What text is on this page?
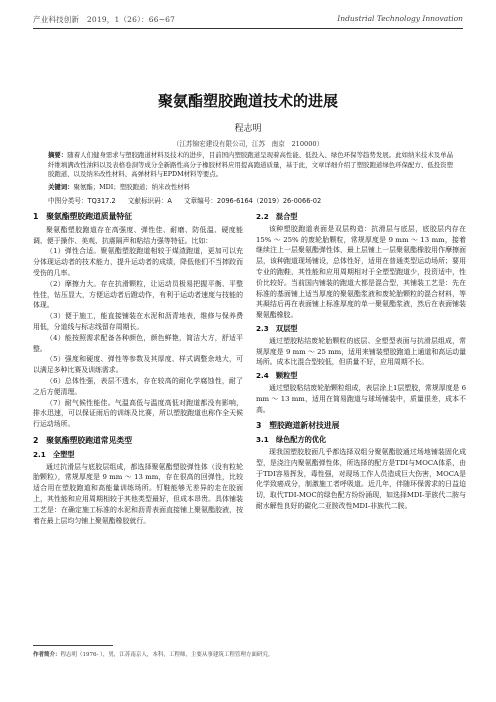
产业科技创新　 2019，1（26）：66~67	Industrial Technology Innovation
聚氨酯塑胶跑道技术的进展
程志明
（江苏锦宏建设有限公司，江苏　南京　210000）
摘要：随着人们健身需求与塑胶跑道材料及技术的进步，目前国内塑胶跑道呈现着高性能、低投入、绿色环保等趋势发展。此如纳米技术及单晶纤维填满改性油料以及表格卷洞等成分全新路性高分子橡胶材料应用提高跑道质量，基于此，文章详细介绍了塑胶跑道绿色环保配方、低投资塑胶跑道、以及纳米改性材料、高弹材料与EPDM材料等要点。
关键词：聚氨酯；MDI；塑胶跑道；纳米改性材料
中图分类号：TQ317.2 文献标识码：A 文章编号：2096-6164（2019）26-0066-02
1　聚氨酯塑胶跑道质量特征

聚氨酯塑胶跑道存在高强度、弹性佳、耐磨、防低温、硬度能调、便于操作、美观、抗震隔声和粘结力强等特征。比如：

（1）弹性合适。聚氨酯塑胶跑道相较于煤渣跑道，更加可以充分体现运动者的技术能力，提升运动者的成绩，降低他们不当摔跤而受伤的几率。

（2）摩擦力大。存在抗滑颗粒，让运动员极易把握平衡、平整性佳，钻压显大，方便运动者后蹬动作，有利于运动者速度与技能的体现。

（3）便于施工，能直接铺装在水泥和沥青地表，维修与保养费用低，分道线与标志线留存周期长。

（4）能按照需求配备各种颜色，颜色鲜艳，简洁大方，舒适平整。

（5）强度和硬度、弹性等参数及其厚度、样式调整余地大，可以满足多种比赛及训练需求。

（6）总体性强，表层不透水，存在较高的耐化学腐蚀性，耐了之后方便清理。

（7）耐气候性能佳。气温高低与温度高低对跑道都没有影响，排水迅速，可以保证雨后的训练及比赛，所以塑胶跑道也称作全天候行运动场所。

2　聚氨酯塑胶跑道常见类型
2.1　全塑型

通过抗滑层与底胶层组成，都选择聚氨酯塑胶弹性体（没有粒轮胎颗粒），常规厚度是 9 mm ～ 13 mm，存在很高的回弹性，比较适合用在塑胶跑道和高能量训练场所。钉鞋能够无差异的走在胶面上，其性能和应用周期相较于其他类型最好，但成本昂贵。具体铺装工艺是：在确定施工标准的水泥和沥青表面直接铺上聚氨酯胶液，按着在最上层均匀铺上聚氨酯橡胶就行。

2.2　混合型

该种塑胶跑道表面是双层构造：抗滑层与底层，底胶层内存在 15% ～ 25% 的废轮胎颗粒，常规厚度是 9 mm ～ 13 mm，接着继续注上一层聚氨酯弹性体，最上层铺上一层聚氨酯橡胶用作摩擦面层，该种跑道现场铺设，总体性好，适用在普通类型运动场所；要用专业的跑鞋，其性能和应用周期相对于全塑型跑道少，投资适中，性价比较好。当前国内铺装的跑道大都是混合型，其铺装工艺是：先在标准的基面铺上适当厚度的聚氨酯浆液和废轮胎颗粒的混合材料，等其凝结后再在表面铺上标准厚度的单一聚氨酯浆液，然后在表面铺装聚氨酯橡胶。

2.3　双层型

通过塑胶粘结废轮胎颗粒的底层、全塑型表面与抗滑层组成，常规厚度是 9 mm ～ 25 mm，适用来铺装塑胶跑道上通道和高运动量场所。成本比混合型较低，但质量不好，应用周期不长。

2.4　颗粒型

通过塑胶粘结废轮胎颗粒组成，表层涂上1层塑胶，常规厚度是 6 mm ～ 13 mm，适用在简易跑道与球场铺装中，质量很差，成本不高。

3　塑胶跑道新材技进展
3.1　绿色配方的优化

现我国塑胶胶面几乎都选择双组分聚氨酯胶通过场地铺装固化成型，是浇注内聚氨酯弹性体，所选择的配方是TDI与MOCA体系，由于TDI容易挥发，毒性强，对现场工作人员造成巨大伤害，MOCA是化学致癌成分，制激施工者呼吸道。近几年，伴随环保需求的日益迫切，取代TDI-MOC的绿色配方纷纷涌现，如选择MDI-菲族代二胺与耐水解性良好的碳化二亚胺改性MDI-非族代二胺。

作者简介：程志明（1976- ），男，江苏南京人，本科，工程师，主要从事建筑工程管理方面研究。
